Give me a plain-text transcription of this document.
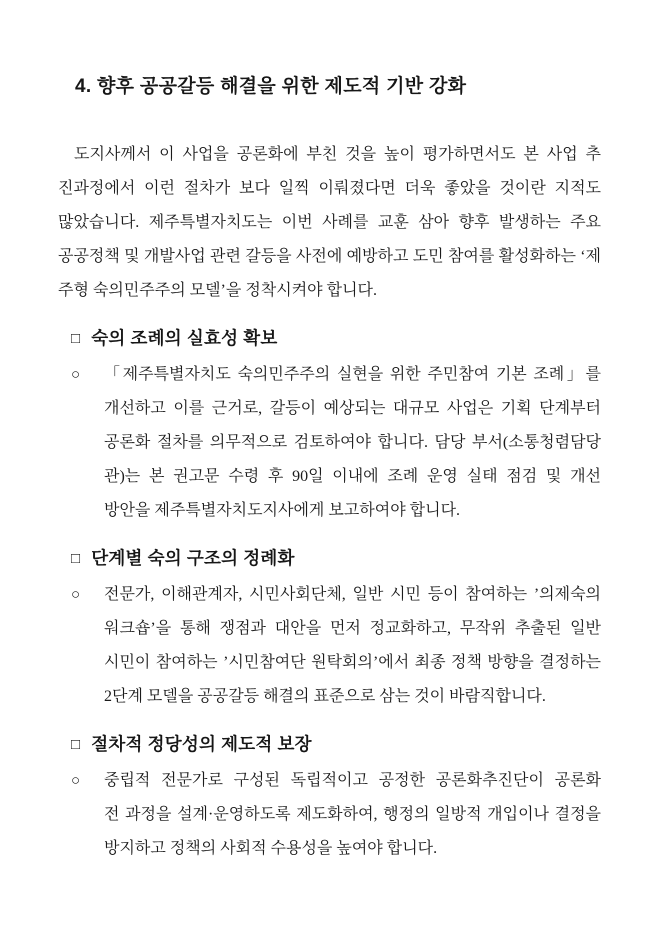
4. 향후 공공갈등 해결을 위한 제도적 기반 강화
도지사께서 이 사업을 공론화에 부친 것을 높이 평가하면서도 본 사업 추
진과정에서 이런 절차가 보다 일찍 이뤄졌다면 더욱 좋았을 것이란 지적도
많았습니다. 제주특별자치도는 이번 사례를 교훈 삼아 향후 발생하는 주요
공공정책 및 개발사업 관련 갈등을 사전에 예방하고 도민 참여를 활성화하는 ‘제
주형 숙의민주주의 모델’을 정착시켜야 합니다.
□ 숙의 조례의 실효성 확보
○	「제주특별자치도 숙의민주주의 실현을 위한 주민참여 기본 조례」를
개선하고 이를 근거로, 갈등이 예상되는 대규모 사업은 기획 단계부터
공론화 절차를 의무적으로 검토하여야 합니다. 담당 부서(소통청렴담당
관)는 본 권고문 수령 후 90일 이내에 조례 운영 실태 점검 및 개선
방안을 제주특별자치도지사에게 보고하여야 합니다.
□ 단계별 숙의 구조의 정례화
○	전문가, 이해관계자, 시민사회단체, 일반 시민 등이 참여하는 ’의제숙의
워크숍’을 통해 쟁점과 대안을 먼저 정교화하고, 무작위 추출된 일반
시민이 참여하는 ’시민참여단 원탁회의’에서 최종 정책 방향을 결정하는
2단계 모델을 공공갈등 해결의 표준으로 삼는 것이 바람직합니다.
□ 절차적 정당성의 제도적 보장
○	중립적 전문가로 구성된 독립적이고 공정한 공론화추진단이 공론화
전 과정을 설계·운영하도록 제도화하여, 행정의 일방적 개입이나 결정을
방지하고 정책의 사회적 수용성을 높여야 합니다.
